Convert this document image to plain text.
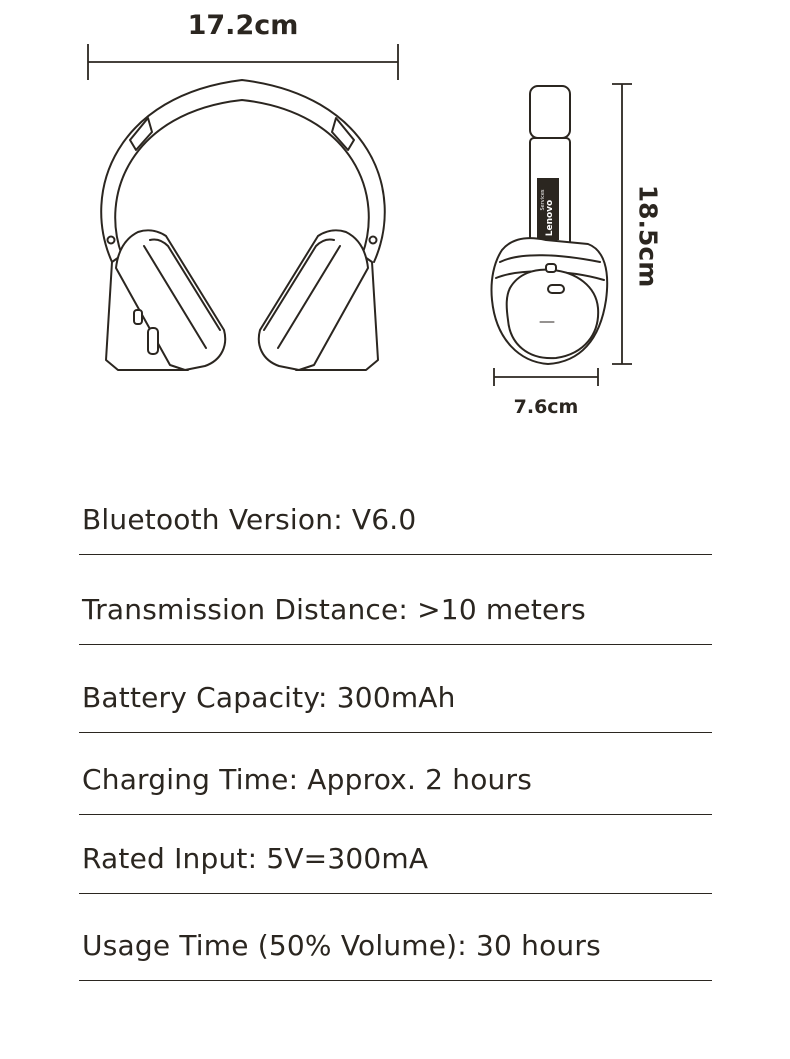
17.2cm
18.5cm
7.6cm
Lenovo
Services
Bluetooth Version: V6.0
Transmission Distance: >10 meters
Battery Capacity: 300mAh
Charging Time: Approx. 2 hours
Rated Input: 5V=300mA
Usage Time (50% Volume): 30 hours
